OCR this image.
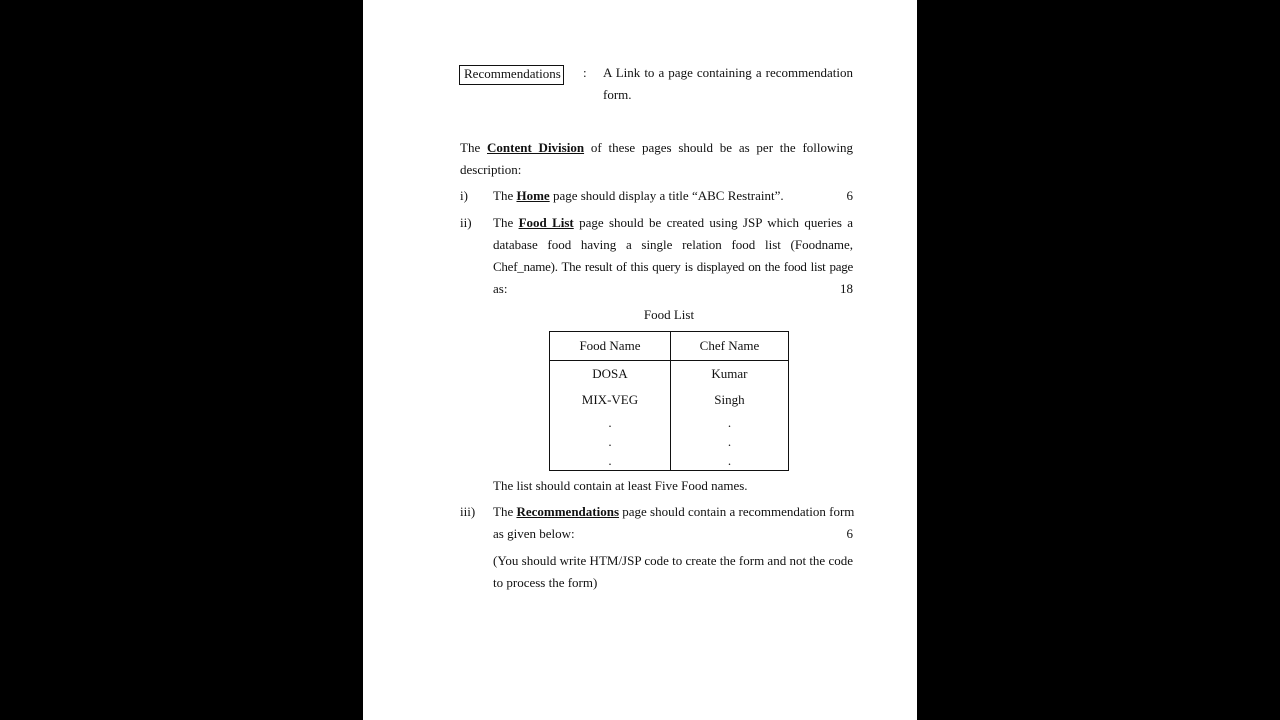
Recommendations : A Link to a page containing a recommendation
form.
The Content Division of these pages should be as per the following
description:
i) The Home page should display a title “ABC Restraint”.	6
ii) The Food List page should be created using JSP which queries a
database food having a single relation food list (Foodname,
Chef_name). The result of this query is displayed on the food list page
as:	18
Food List
Food Name	Chef Name
DOSA	Kumar
MIX-VEG	Singh
.	.
.	.
.	.
The list should contain at least Five Food names.
iii) The Recommendations page should contain a recommendation form
as given below:	6
(You should write HTM/JSP code to create the form and not the code
to process the form)
